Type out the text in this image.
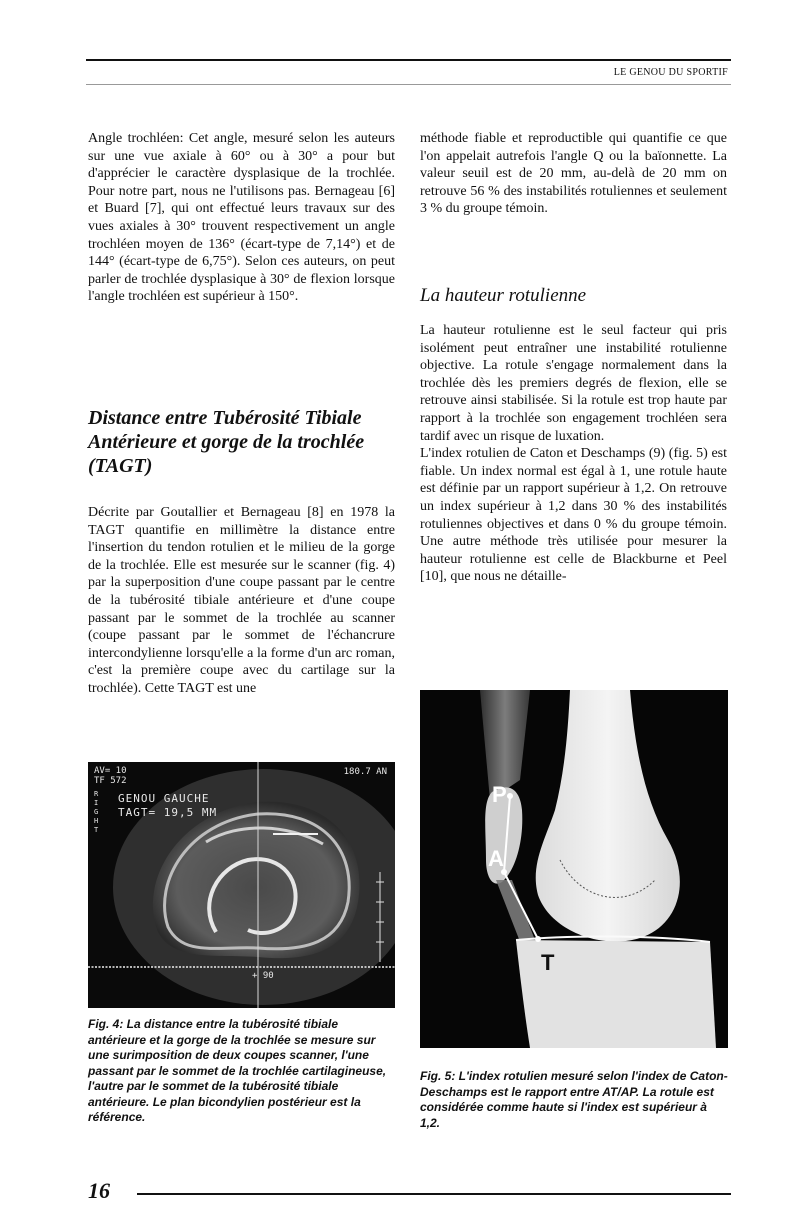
LE GENOU DU SPORTIF

Angle trochléen: Cet angle, mesuré selon les auteurs sur une vue axiale à 60° ou à 30° a pour but d'apprécier le caractère dysplasique de la trochlée. Pour notre part, nous ne l'utilisons pas. Bernageau [6] et Buard [7], qui ont effectué leurs travaux sur des vues axiales à 30° trouvent respectivement un angle trochléen moyen de 136° (écart-type de 7,14°) et de 144° (écart-type de 6,75°). Selon ces auteurs, on peut parler de trochlée dysplasique à 30° de flexion lorsque l'angle trochléen est supérieur à 150°.

Distance entre Tubérosité Tibiale
Antérieure et gorge de la trochlée
(TAGT)

Décrite par Goutallier et Bernageau [8] en 1978 la TAGT quantifie en millimètre la distance entre l'insertion du tendon rotulien et le milieu de la gorge de la trochlée. Elle est mesurée sur le scanner (fig. 4) par la superposition d'une coupe passant par le centre de la tubérosité tibiale antérieure et d'une coupe passant par le sommet de la trochlée au scanner (coupe passant par le sommet de l'échancrure intercondylienne lorsqu'elle a la forme d'un arc roman, c'est la première coupe avec du cartilage sur la trochlée). Cette TAGT est une

AV= 10
TF 572
180.7 AN
GENOU GAUCHE
TAGT= 19,5 MM
R I G H T
+ 90
Fig. 4: La distance entre la tubérosité tibiale antérieure et la gorge de la trochlée se mesure sur une surimposition de deux coupes scanner, l'une passant par le sommet de la trochlée cartilagineuse, l'autre par le sommet de la tubérosité tibiale antérieure. Le plan bicondylien postérieur est la référence.

méthode fiable et reproductible qui quantifie ce que l'on appelait autrefois l'angle Q ou la baïonnette. La valeur seuil est de 20 mm, au-delà de 20 mm on retrouve 56 % des instabilités rotuliennes et seulement 3 % du groupe témoin.

La hauteur rotulienne

La hauteur rotulienne est le seul facteur qui pris isolément peut entraîner une instabilité rotulienne objective. La rotule s'engage normalement dans la trochlée dès les premiers degrés de flexion, elle se retrouve ainsi stabilisée. Si la rotule est trop haute par rapport à la trochlée son engagement trochléen sera tardif avec un risque de luxation.

L'index rotulien de Caton et Deschamps (9) (fig. 5) est fiable. Un index normal est égal à 1, une rotule haute est définie par un rapport supérieur à 1,2. On retrouve un index supérieur à 1,2 dans 30 % des instabilités rotuliennes objectives et dans 0 % du groupe témoin. Une autre méthode très utilisée pour mesurer la hauteur rotulienne est celle de Blackburne et Peel [10], que nous ne détaille-

P
A
T
Fig. 5: L'index rotulien mesuré selon l'index de Caton-Deschamps est le rapport entre AT/AP. La rotule est considérée comme haute si l'index est supérieur à 1,2.
16
